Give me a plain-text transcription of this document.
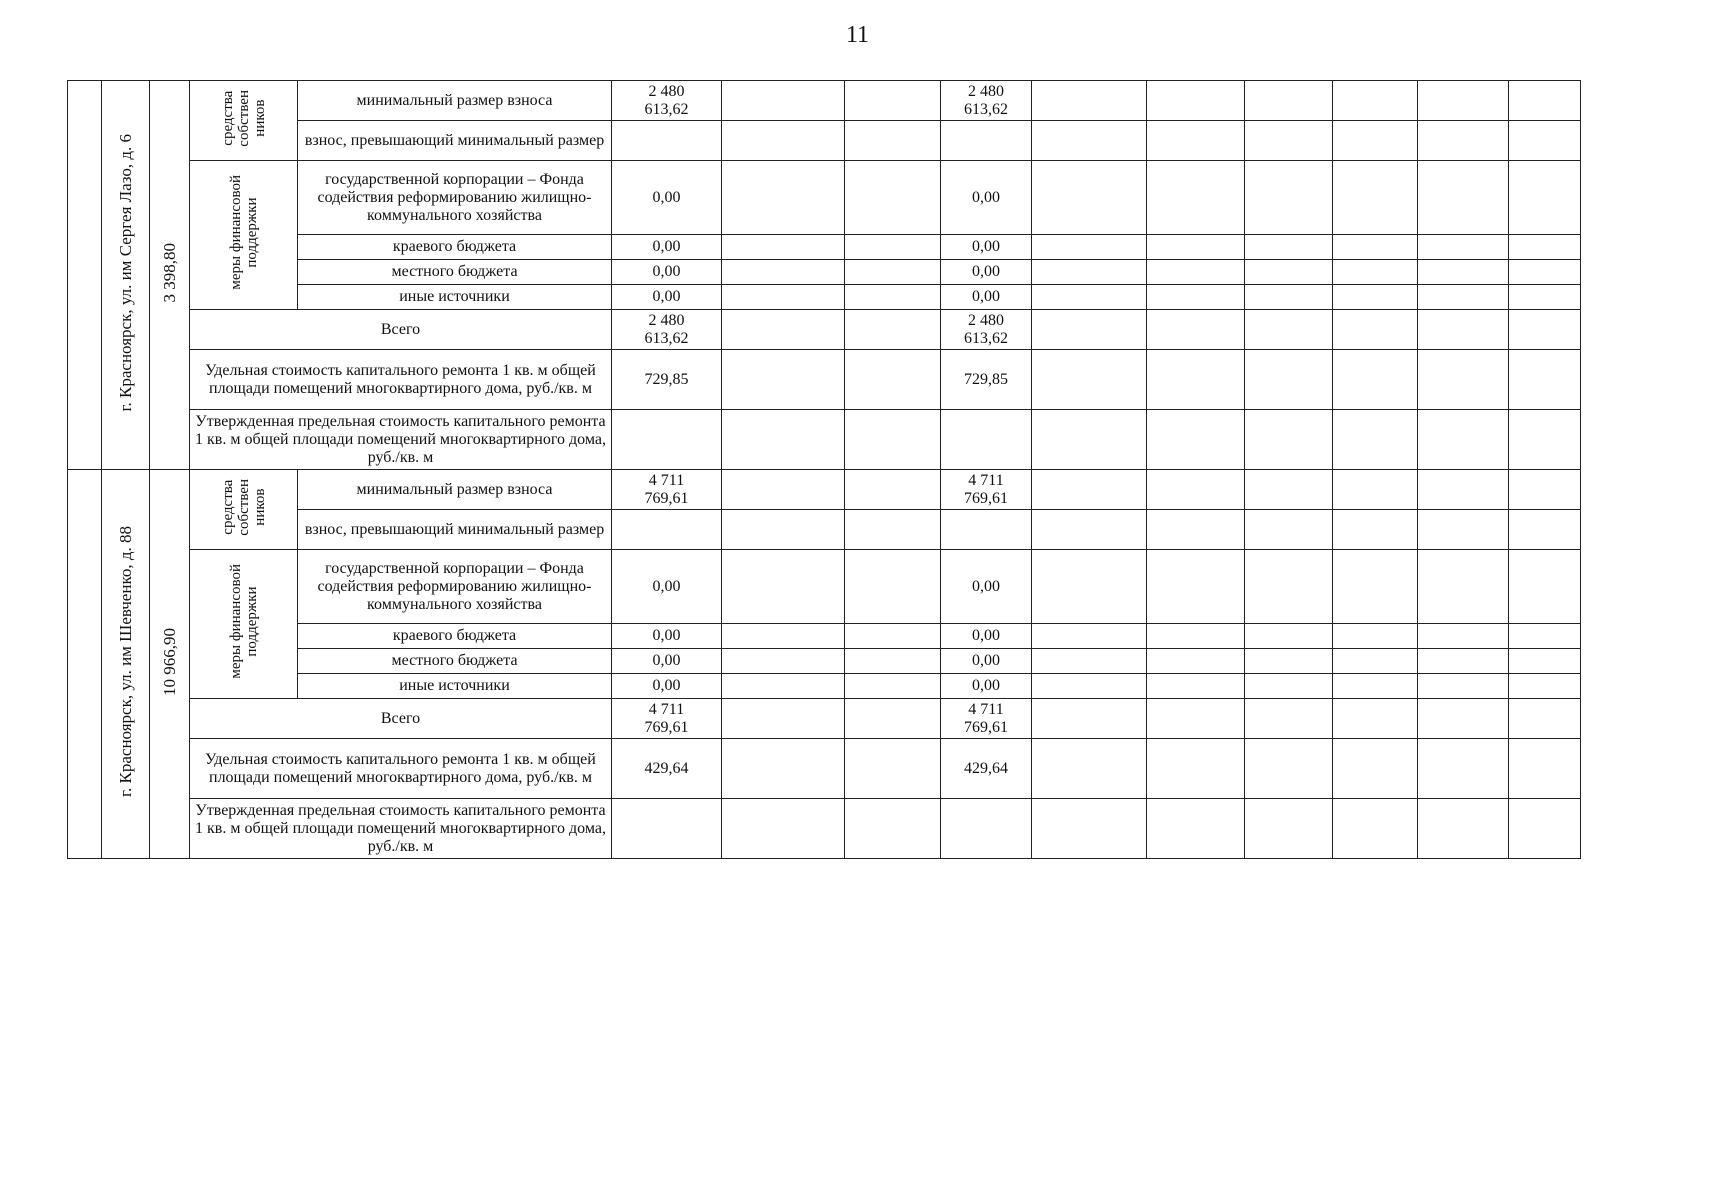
11
	г. Красноярск, ул. им Сергея Лазо, д. 6	3 398,80	средства
собствен
ников	минимальный размер взноса	2 480
613,62			2 480
613,62						
				взнос, превышающий минимальный размер										
			меры финансовой
поддержки	государственной корпорации – Фонда содействия реформированию жилищно-коммунального хозяйства	0,00			0,00						
				краевого бюджета	0,00			0,00						
				местного бюджета	0,00			0,00						
				иные источники	0,00			0,00						
			Всего		2 480
613,62			2 480
613,62						
			Удельная стоимость капитального ремонта 1 кв. м общей площади помещений многоквартирного дома, руб./кв. м		729,85			729,85						
			Утвержденная предельная стоимость капитального ремонта 1 кв. м общей площади помещений многоквартирного дома, руб./кв. м											
	г. Красноярск, ул. им Шевченко, д. 88	10 966,90	средства
собствен
ников	минимальный размер взноса	4 711
769,61			4 711
769,61						
				взнос, превышающий минимальный размер										
			меры финансовой
поддержки	государственной корпорации – Фонда содействия реформированию жилищно-коммунального хозяйства	0,00			0,00						
				краевого бюджета	0,00			0,00						
				местного бюджета	0,00			0,00						
				иные источники	0,00			0,00						
			Всего		4 711
769,61			4 711
769,61						
			Удельная стоимость капитального ремонта 1 кв. м общей площади помещений многоквартирного дома, руб./кв. м		429,64			429,64						
			Утвержденная предельная стоимость капитального ремонта 1 кв. м общей площади помещений многоквартирного дома, руб./кв. м											
